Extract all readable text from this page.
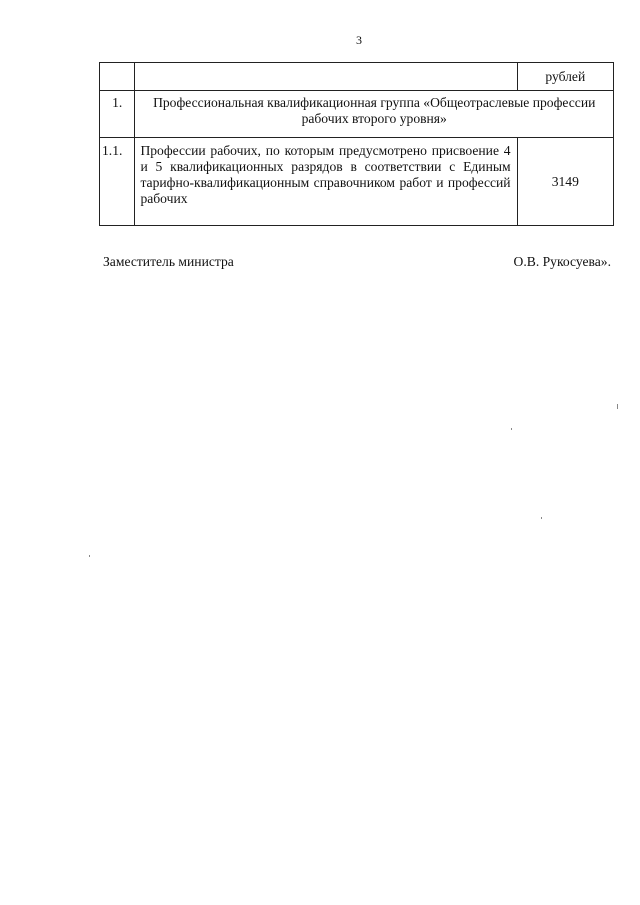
3
		рублей
1.	Профессиональная квалификационная группа «Общеотраслевые профессии рабочих второго уровня»	
1.1.	Профессии рабочих, по которым предусмотрено присвоение 4 и 5 квалификационных разрядов в соответствии с Единым тарифно-квалификационным справочником работ и профессий рабочих	3149
Заместитель министра	О.В. Рукосуева».
